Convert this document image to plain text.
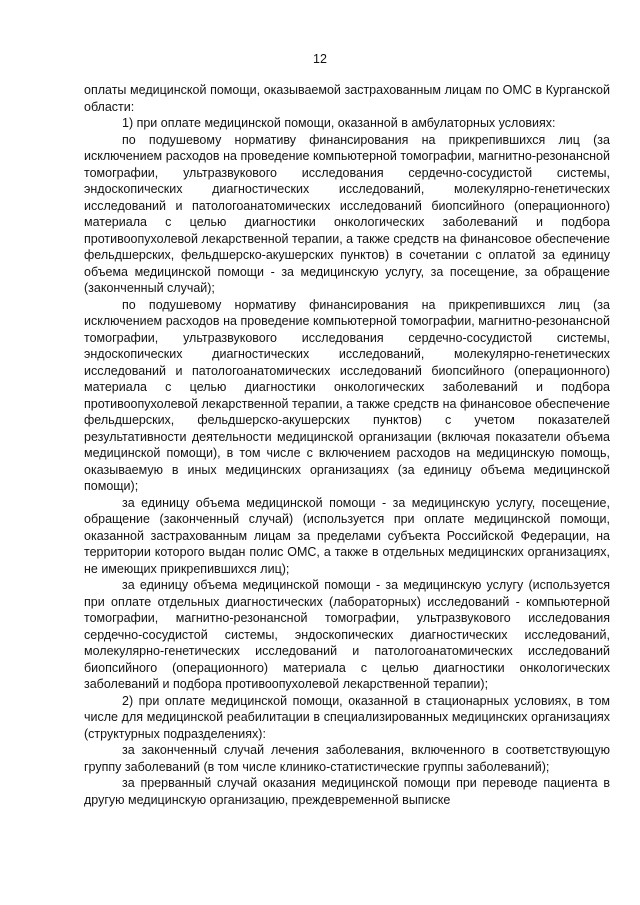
12

оплаты медицинской помощи, оказываемой застрахованным лицам по ОМС в Курганской области:

1) при оплате медицинской помощи, оказанной в амбулаторных условиях:

по подушевому нормативу финансирования на прикрепившихся лиц (за исключением расходов на проведение компьютерной томографии, магнитно-резонансной томографии, ультразвукового исследования сердечно-сосудистой системы, эндоскопических диагностических исследований, молекулярно-генетических исследований и патологоанатомических исследований биопсийного (операционного) материала с целью диагностики онкологических заболеваний и подбора противоопухолевой лекарственной терапии, а также средств на финансовое обеспечение фельдшерских, фельдшерско-акушерских пунктов) в сочетании с оплатой за единицу объема медицинской помощи - за медицинскую услугу, за посещение, за обращение (законченный случай);

по подушевому нормативу финансирования на прикрепившихся лиц (за исключением расходов на проведение компьютерной томографии, магнитно-резонансной томографии, ультразвукового исследования сердечно-сосудистой системы, эндоскопических диагностических исследований, молекулярно-генетических исследований и патологоанатомических исследований биопсийного (операционного) материала с целью диагностики онкологических заболеваний и подбора противоопухолевой лекарственной терапии, а также средств на финансовое обеспечение фельдшерских, фельдшерско-акушерских пунктов) с учетом показателей результативности деятельности медицинской организации (включая показатели объема медицинской помощи), в том числе с включением расходов на медицинскую помощь, оказываемую в иных медицинских организациях (за единицу объема медицинской помощи);

за единицу объема медицинской помощи - за медицинскую услугу, посещение, обращение (законченный случай) (используется при оплате медицинской помощи, оказанной застрахованным лицам за пределами субъекта Российской Федерации, на территории которого выдан полис ОМС, а также в отдельных медицинских организациях, не имеющих прикрепившихся лиц);

за единицу объема медицинской помощи - за медицинскую услугу (используется при оплате отдельных диагностических (лабораторных) исследований - компьютерной томографии, магнитно-резонансной томографии, ультразвукового исследования сердечно-сосудистой системы, эндоскопических диагностических исследований, молекулярно-генетических исследований и патологоанатомических исследований биопсийного (операционного) материала с целью диагностики онкологических заболеваний и подбора противоопухолевой лекарственной терапии);

2) при оплате медицинской помощи, оказанной в стационарных условиях, в том числе для медицинской реабилитации в специализированных медицинских организациях (структурных подразделениях):

за законченный случай лечения заболевания, включенного в соответствующую группу заболеваний (в том числе клинико-статистические группы заболеваний);

за прерванный случай оказания медицинской помощи при переводе пациента в другую медицинскую организацию, преждевременной выписке
